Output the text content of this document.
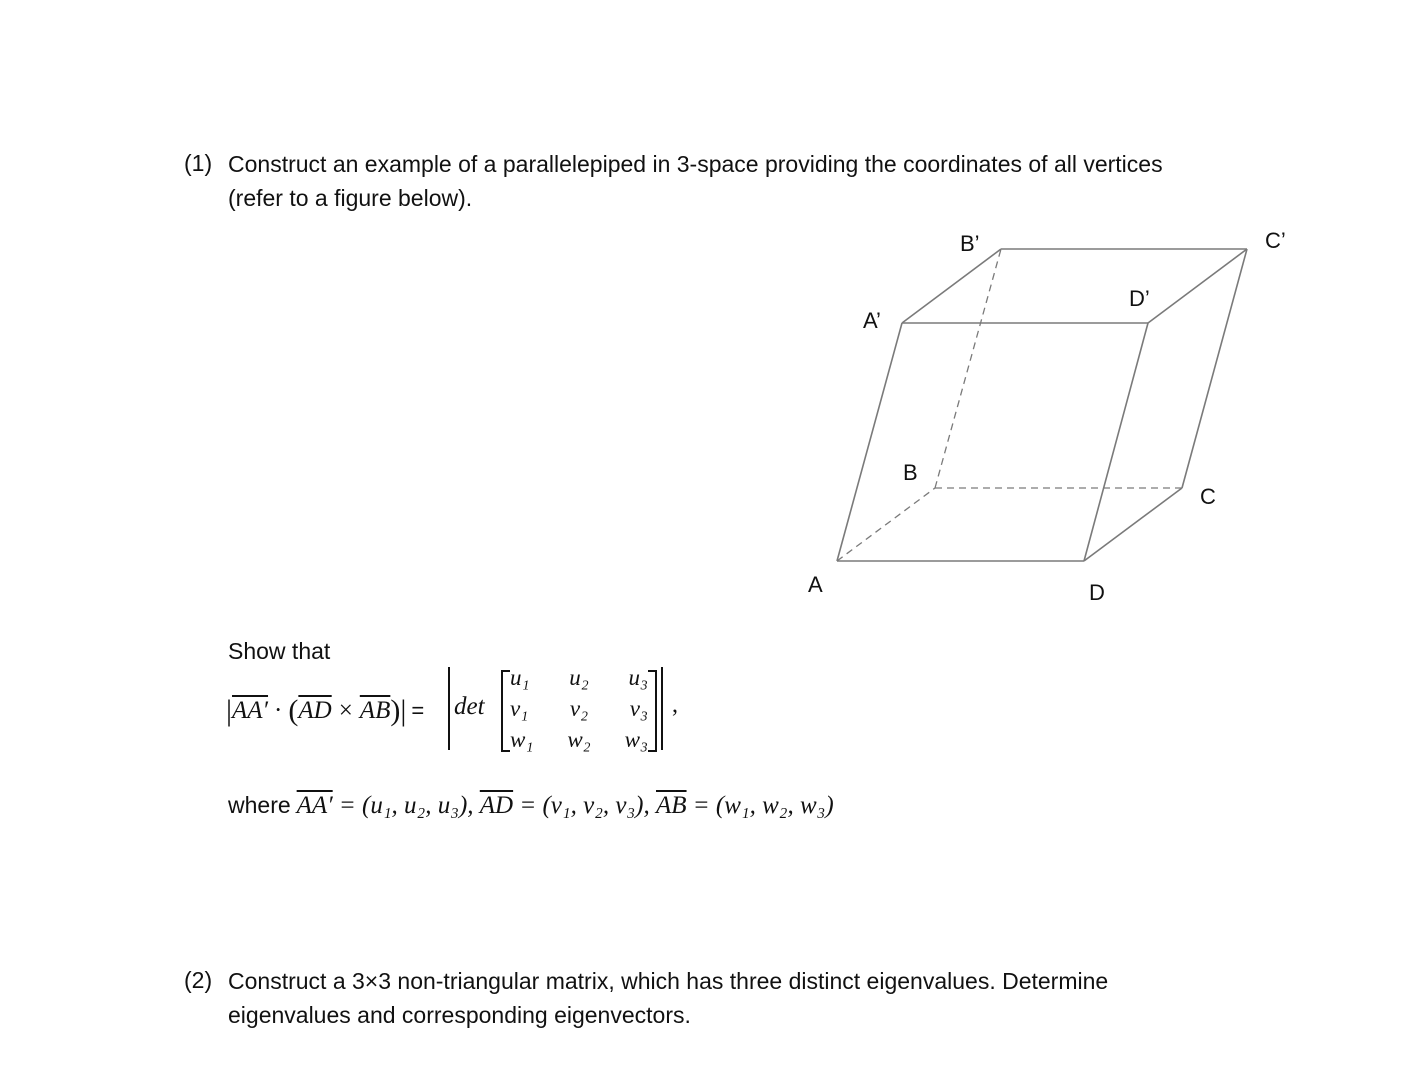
(1) Construct an example of a parallelepiped in 3-space providing the coordinates of all vertices
(refer to a figure below).
B’	C’
D’
A’
B
C
A	D
Show that
| AA′ · ( $\overline{AD} \times \overline{AB}$ ) | = det	,
u₁ u₂ u₃
v₁ v₂ v₃
w₁ w₂ w₃
where AA′ = (u₁, u₂, u₃), $\overline{AD} = (v_1$, v₂, v₃), $\overline{AB} = (w_1$, w₂, w₃)
(2) Construct a 3×3 non-triangular matrix, which has three distinct eigenvalues. Determine
eigenvalues and corresponding eigenvectors.
